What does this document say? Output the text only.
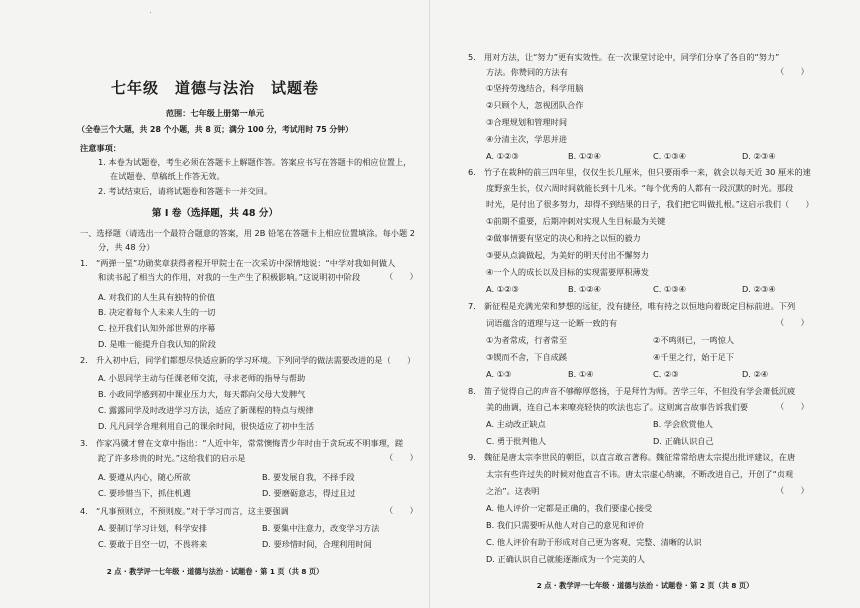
七年级　道德与法治　试题卷
范围：七年级上册第一单元
（全卷三个大题，共 28 个小题，共 8 页；满分 100 分，考试用时 75 分钟）
注意事项：
1. 本卷为试题卷，考生必须在答题卡上解题作答。答案应书写在答题卡的相应位置上，
在试题卷、草稿纸上作答无效。
2. 考试结束后，请将试题卷和答题卡一并交回。
第 I 卷（选择题，共 48 分）
一、选择题（请选出一个最符合题意的答案，用 2B 铅笔在答题卡上相应位置填涂。每小题 2
分，共 48 分）
1.　“两弹一星”功勋奖章获得者程开甲院士在一次采访中深情地说：“中学对我如何做人
和读书起了相当大的作用，对我的一生产生了积极影响。”这说明初中阶段	（　　）
A. 对我们的人生具有独特的价值
B. 决定着每个人未来人生的一切
C. 拉开我们认知外部世界的序幕
D. 是唯一能提升自我认知的阶段
2.　升入初中后，同学们都想尽快适应新的学习环境。下列同学的做法需要改进的是（　　）
A. 小思同学主动与任课老师交流，寻求老师的指导与帮助
B. 小政同学感到初中课业压力大，每天都向父母大发脾气
C. 露露同学及时改进学习方法，适应了新课程的特点与规律
D. 凡凡同学合理利用自己的课余时间，很快适应了初中生活
3.　作家冯骥才曾在文章中指出：“人近中年，常常懊悔青少年时由于贪玩或不明事理，蹉
跎了许多珍贵的时光。”这给我们的启示是	（　　）
A. 要遵从内心，随心所欲	B. 要发展自我，不择手段
C. 要珍惜当下，抓住机遇	D. 要磨砺意志，得过且过
4.　“凡事预则立，不预则废。”对于学习而言，这主要强调	（　　）
A. 要制订学习计划，科学安排	B. 要集中注意力，改变学习方法
C. 要敢于目空一切，不畏将来	D. 要珍惜时间，合理利用时间
2 点 · 教学评一七年级 · 道德与法治 · 试题卷 · 第 1 页（共 8 页）
5.　用对方法，让“努力”更有实效性。在一次课堂讨论中，同学们分享了各自的“努力”
方法。你赞同的方法有	（　　）
①坚持劳逸结合，科学用脑
②只顾个人，忽视团队合作
③合理规划和管理时间
④分清主次，学思并进
A. ①②③	B. ①②④	C. ①③④	D. ②③④
6.　竹子在栽种的前三四年里，仅仅生长几厘米，但只要雨季一来，就会以每天近 30 厘米的速
度野蛮生长，仅六周时间就能长到十几米。“每个优秀的人都有一段沉默的时光。那段
时光，是付出了很多努力，却得不到结果的日子，我们把它叫做扎根。”这启示我们（　　）
①前期不重要，后期冲刺对实现人生目标最为关键
②做事情要有坚定的决心和持之以恒的毅力
③要从点滴做起，为美好的明天付出不懈努力
④一个人的成长以及目标的实现需要厚积薄发
A. ①②③	B. ①②④	C. ①③④	D. ②③④
7.　新征程是充满光荣和梦想的远征，没有捷径，唯有持之以恒地向着既定目标前进。下列
词语蕴含的道理与这一论断一致的有	（　　）
①为者常成，行者常至	②不鸣则已，一鸣惊人
③锲而不舍，下自成蹊	④千里之行，始于足下
A. ①③	B. ①④	C. ②③	D. ②④
8.　笛子觉得自己的声音不够醇厚悠扬，于是拜竹为师。苦学三年，不但没有学会萧低沉疲
美的曲调，连自己本来嘹亮轻快的吹法也忘了。这则寓言故事告诉我们要	（　　）
A. 主动改正缺点	B. 学会欣赏他人
C. 勇于批判他人	D. 正确认识自己
9.　魏征是唐太宗李世民的朝臣，以直言敢言著称。魏征常常给唐太宗提出批评建议，在唐
太宗有些许过失的时候对他直言不讳。唐太宗虚心纳谏，不断改进自己，开创了“贞观
之治”。这表明	（　　）
A. 他人评价一定都是正确的，我们要虚心接受
B. 我们只需要听从他人对自己的意见和评价
C. 他人评价有助于形成对自己更为客观、完整、清晰的认识
D. 正确认识自己就能逐渐成为一个完美的人
2 点 · 教学评一七年级 · 道德与法治 · 试题卷 · 第 2 页（共 8 页）
